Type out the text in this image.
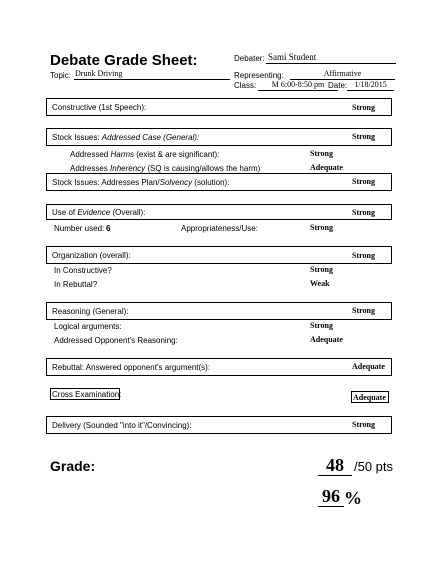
Debate Grade Sheet:	Debater: Sami Student
Topic: Drunk Driving	Representing:	Affirmative
Class:	M 6:00-8:50 pm Date: 1/18/2015
Constructive (1st Speech):	Strong
Stock Issues: Addressed Case (General):	Strong
Addressed Harms (exist & are significant):	Strong
Addresses Inherency (SQ is causing/allows the harm)	Adequate
Stock Issues: Addresses Plan/Solvency (solution):	Strong
Use of Evidence (Overall):	Strong
Number used: 6	Appropriateness/Use:	Strong
Organization (overall):	Strong
In Constructive?	Strong
In Rebuttal?	Weak
Reasoning (General):	Strong
Logical arguments:	Strong
Addressed Opponent's Reasoning:	Adequate
Rebuttal: Answered opponent's argument(s):	Adequate
Cross Examination:	Adequate
Delivery (Sounded "into it"/Convincing):	Strong
Grade:	48 /50 pts
96 %
